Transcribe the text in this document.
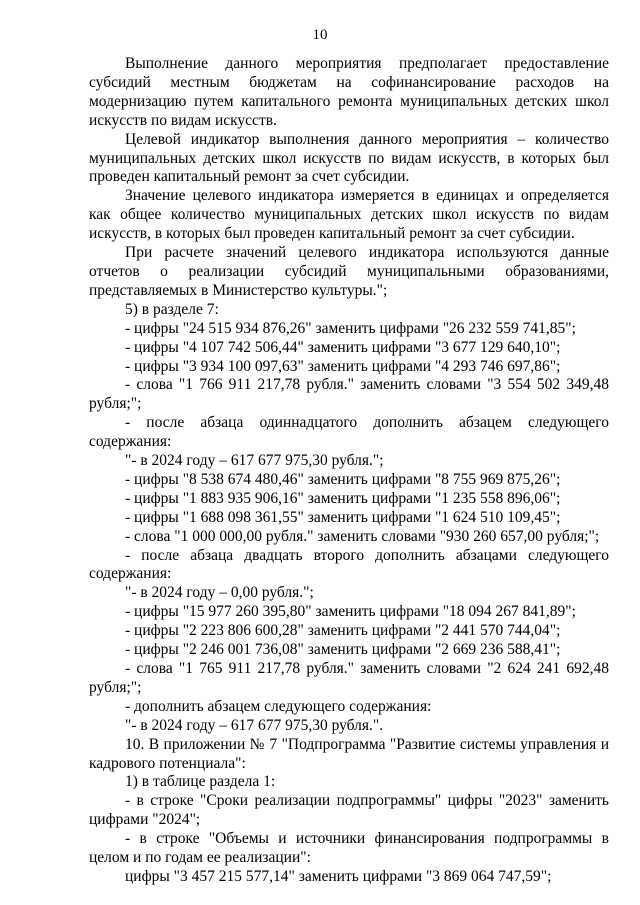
10

Выполнение данного мероприятия предполагает предоставление субсидий местным бюджетам на софинансирование расходов на модернизацию путем капитального ремонта муниципальных детских школ искусств по видам искусств.

Целевой индикатор выполнения данного мероприятия – количество муниципальных детских школ искусств по видам искусств, в которых был проведен капитальный ремонт за счет субсидии.

Значение целевого индикатора измеряется в единицах и определяется как общее количество муниципальных детских школ искусств по видам искусств, в которых был проведен капитальный ремонт за счет субсидии.

При расчете значений целевого индикатора используются данные отчетов о реализации субсидий муниципальными образованиями, представляемых в Министерство культуры.";

5) в разделе 7:

- цифры "24 515 934 876,26" заменить цифрами "26 232 559 741,85";

- цифры "4 107 742 506,44" заменить цифрами "3 677 129 640,10";

- цифры "3 934 100 097,63" заменить цифрами "4 293 746 697,86";

- слова "1 766 911 217,78 рубля." заменить словами "3 554 502 349,48 рубля;";

- после абзаца одиннадцатого дополнить абзацем следующего содержания:

"- в 2024 году – 617 677 975,30 рубля.";

- цифры "8 538 674 480,46" заменить цифрами "8 755 969 875,26";

- цифры "1 883 935 906,16" заменить цифрами "1 235 558 896,06";

- цифры "1 688 098 361,55" заменить цифрами "1 624 510 109,45";

- слова "1 000 000,00 рубля." заменить словами "930 260 657,00 рубля;";

- после абзаца двадцать второго дополнить абзацами следующего содержания:

"- в 2024 году – 0,00 рубля.";

- цифры "15 977 260 395,80" заменить цифрами "18 094 267 841,89";

- цифры "2 223 806 600,28" заменить цифрами "2 441 570 744,04";

- цифры "2 246 001 736,08" заменить цифрами "2 669 236 588,41";

- слова "1 765 911 217,78 рубля." заменить словами "2 624 241 692,48 рубля;";

- дополнить абзацем следующего содержания:

"- в 2024 году – 617 677 975,30 рубля.".

10. В приложении № 7 "Подпрограмма "Развитие системы управления и кадрового потенциала":

1) в таблице раздела 1:

- в строке "Сроки реализации подпрограммы" цифры "2023" заменить цифрами "2024";

- в строке "Объемы и источники финансирования подпрограммы в целом и по годам ее реализации":

цифры "3 457 215 577,14" заменить цифрами "3 869 064 747,59";
